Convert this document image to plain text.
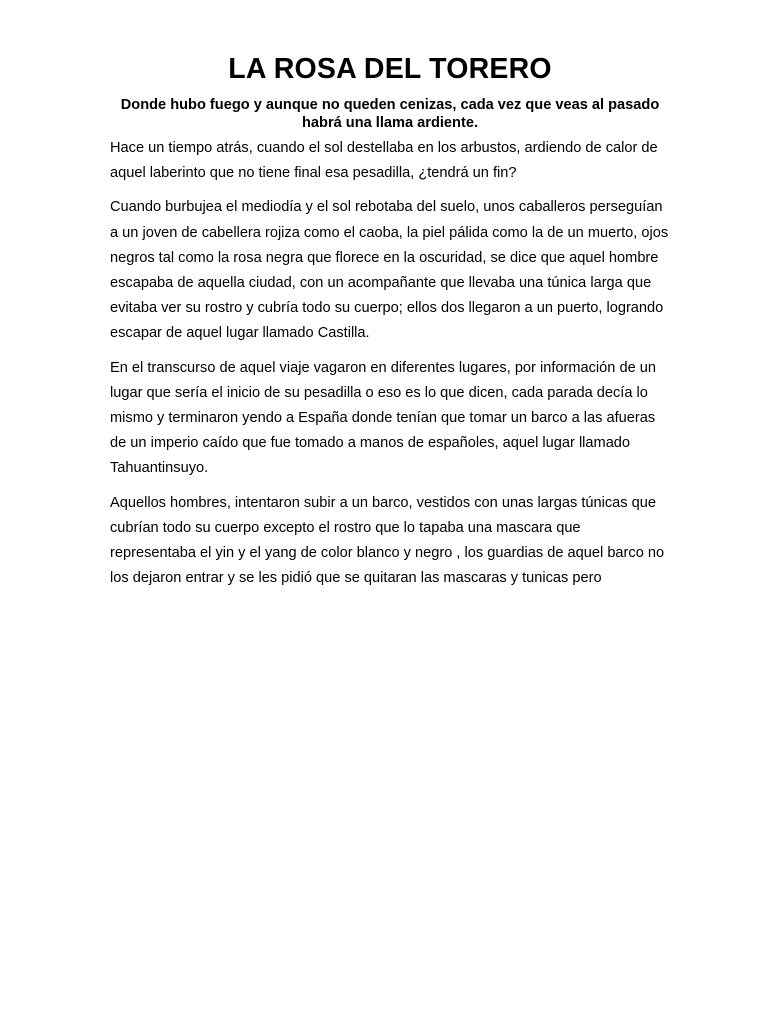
LA ROSA DEL TORERO

Donde hubo fuego y aunque no queden cenizas, cada vez que veas al pasado habrá una llama ardiente.

Hace un tiempo atrás, cuando el sol destellaba en los arbustos, ardiendo de calor de aquel laberinto que no tiene final esa pesadilla, ¿tendrá un fin?

Cuando burbujea el mediodía y el sol rebotaba del suelo, unos caballeros perseguían a un joven de cabellera rojiza como el caoba, la piel pálida como la de un muerto, ojos negros tal como la rosa negra que florece en la oscuridad, se dice que aquel hombre escapaba de aquella ciudad, con un acompañante que llevaba una túnica larga que evitaba ver su rostro y cubría todo su cuerpo; ellos dos llegaron a un puerto, logrando escapar de aquel lugar llamado Castilla.

En el transcurso de aquel viaje vagaron en diferentes lugares, por información de un lugar que sería el inicio de su pesadilla o eso es lo que dicen, cada parada decía lo mismo y terminaron yendo a España donde tenían que tomar un barco a las afueras de un imperio caído que fue tomado a manos de españoles, aquel lugar llamado Tahuantinsuyo.

Aquellos hombres, intentaron subir a un barco, vestidos con unas largas túnicas que cubrían todo su cuerpo excepto el rostro que lo tapaba una mascara que representaba el yin y el yang de color blanco y negro , los guardias de aquel barco no los dejaron entrar y se les pidió que se quitaran las mascaras y tunicas pero
